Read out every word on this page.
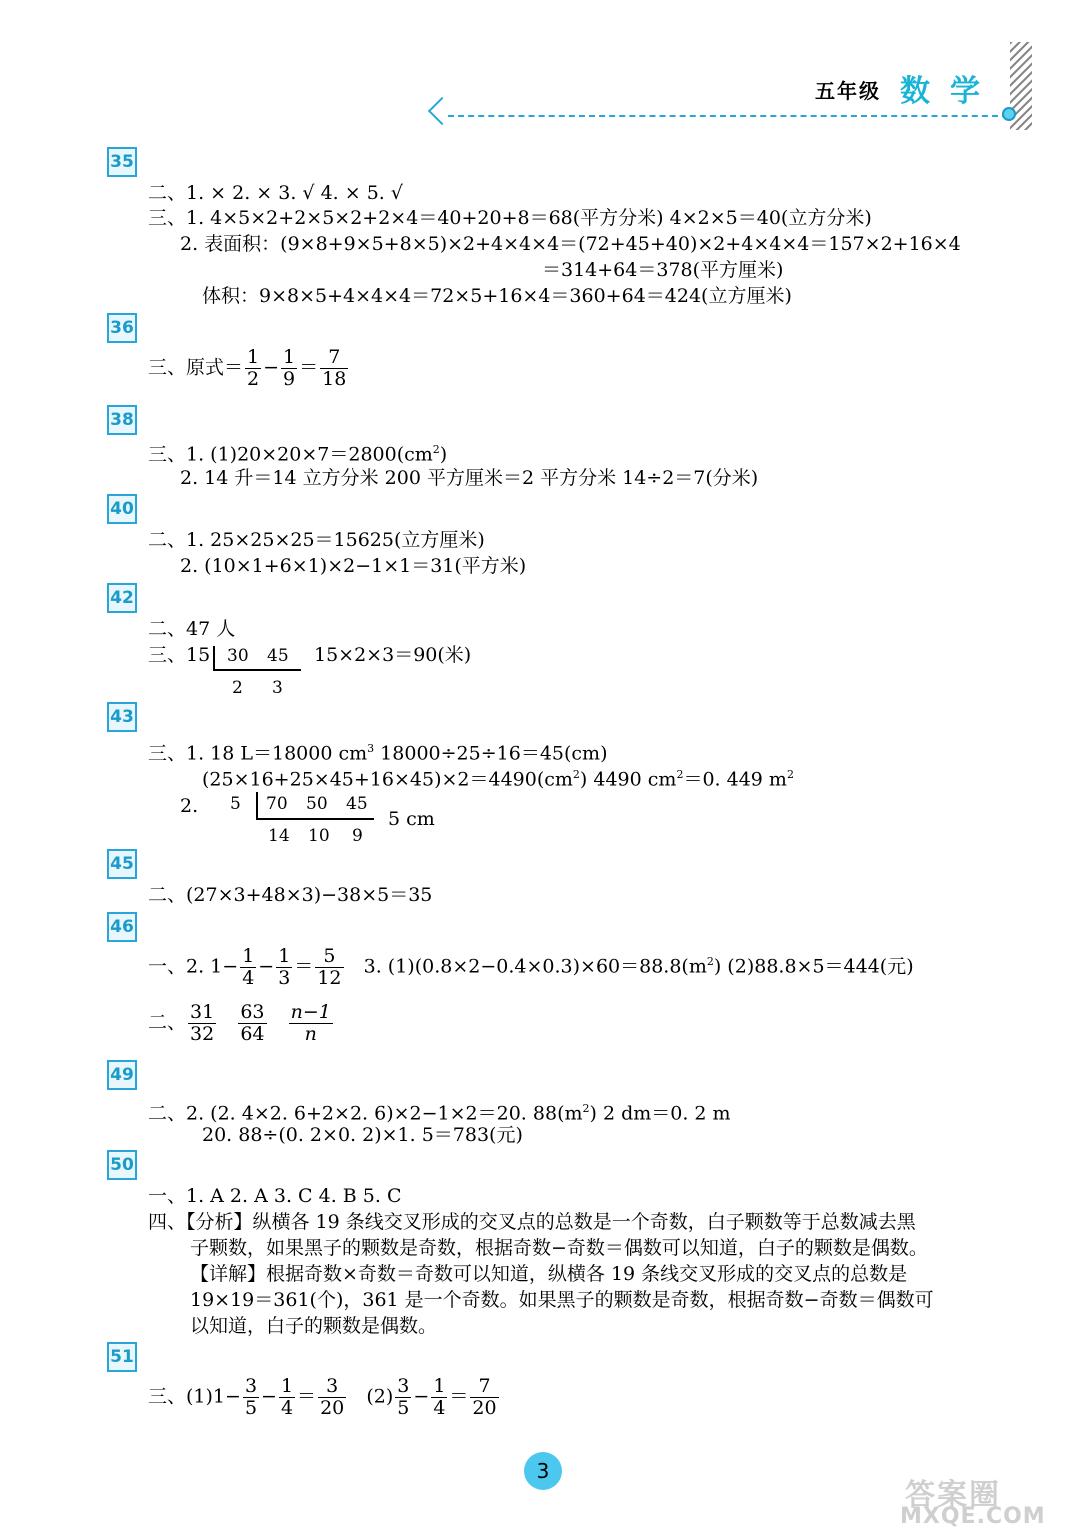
五年级 数学
35
二、1. × 2. × 3. √ 4. × 5. √
三、1. 4×5×2+2×5×2+2×4＝40+20+8＝68(平方分米) 4×2×5＝40(立方分米)
2. 表面积：(9×8+9×5+8×5)×2+4×4×4＝(72+45+40)×2+4×4×4＝157×2+16×4
＝314+64＝378(平方厘米)
体积：9×8×5+4×4×4＝72×5+16×4＝360+64＝424(立方厘米)
36
三、原式＝ $\frac{1}{2} - \frac{1}{9} = \frac{7}{18}$
38
三、1. $(1)20\times 20\times 7=2800(cm^2)$
2. 14 升＝14 立方分米 200 平方厘米＝2 平方分米 14÷2＝7(分米)
40
二、1. 25×25×25＝15625(立方厘米)
2. (10×1+6×1)×2−1×1＝31(平方米)
42
二、47 人
三、15 30 45
2 3
15×2×3＝90(米)
43
三、1. 18 L＝18000 $cm^3$ 18000÷25÷16＝45(cm)
$(25\times 16+25\times 45+16\times 45)\times 2=4490(cm^2)$ 4490 $cm^2=0$. 449 $m^2$
2. 5 70 50 45
14 10 9
5 cm
45
二、(27×3+48×3)−38×5＝35
46
一、2. $1- \frac{1}{4} - \frac{1}{3} = \frac{5}{12} 3$. $(1)(0.8\times 2-0.4\times 0.3)\times 60=88.8(m^2)$ (2)88.8×5＝444(元)
二、 $\frac{31}{32}$
$\frac{63}{64}$
$\frac{n-1}{n}$
49
二、2. (2. 4×2. 6+2×2. 6)×2−1×2＝20. $88(m^2)$ 2 dm＝0. 2 m
20. 88÷(0. 2×0. 2)×1. 5＝783(元)
50
一、1. A 2. A 3. C 4. B 5. C
四、【分析】纵横各 19 条线交叉形成的交叉点的总数是一个奇数，白子颗数等于总数减去黑
子颗数，如果黑子的颗数是奇数，根据奇数−奇数＝偶数可以知道，白子的颗数是偶数。
【详解】根据奇数×奇数＝奇数可以知道，纵横各 19 条线交叉形成的交叉点的总数是
19×19＝361(个)，361 是一个奇数。如果黑子的颗数是奇数，根据奇数−奇数＝偶数可
以知道，白子的颗数是偶数。
51
三、$(1)1- \frac{3}{5} - \frac{1}{4} = \frac{3}{20} (2) \frac{3}{5} - \frac{1}{4} = \frac{7}{20}$
3
答案圈
MXQE.COM
